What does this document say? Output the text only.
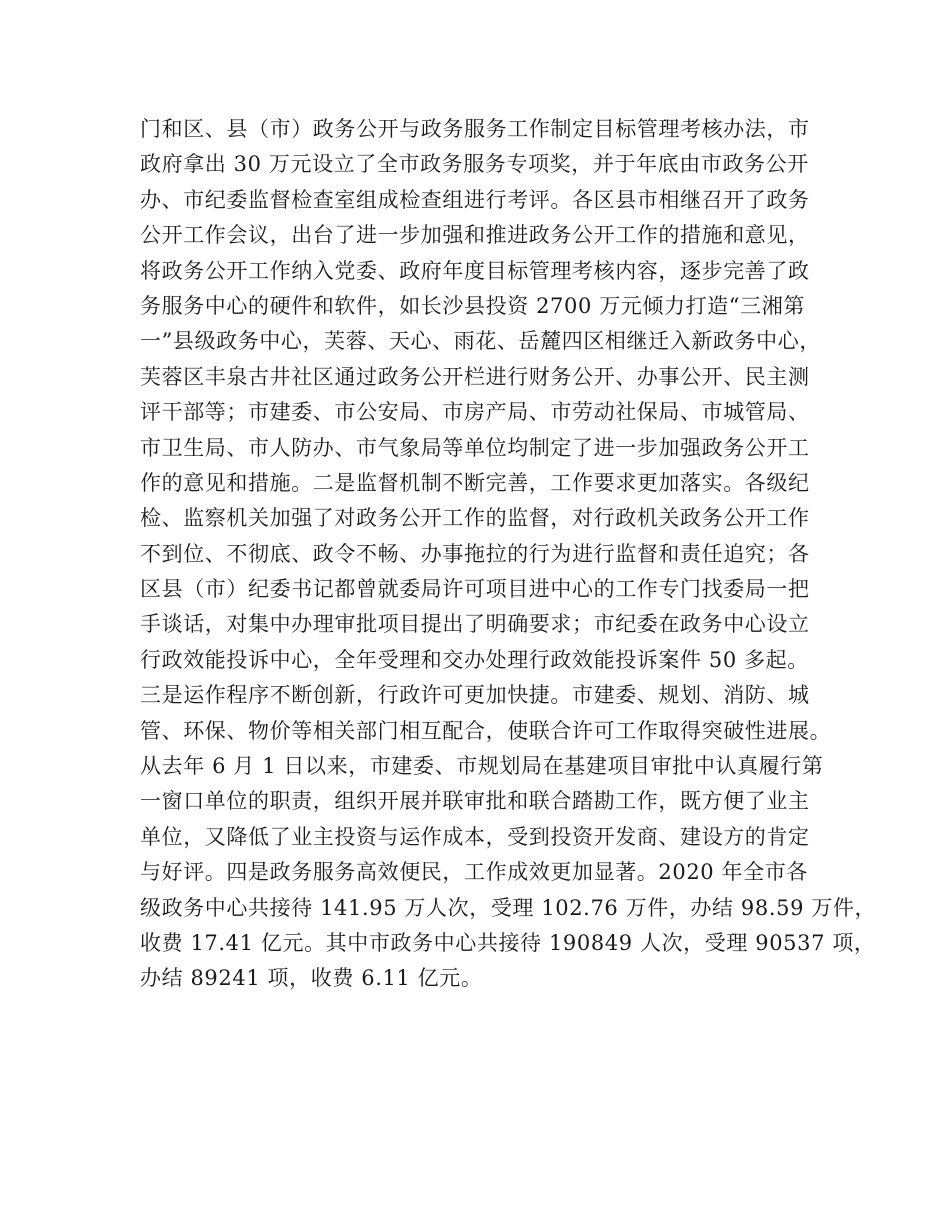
门和区、县（市）政务公开与政务服务工作制定目标管理考核办法，市
政府拿出 30 万元设立了全市政务服务专项奖，并于年底由市政务公开
办、市纪委监督检查室组成检查组进行考评。各区县市相继召开了政务
公开工作会议，出台了进一步加强和推进政务公开工作的措施和意见，
将政务公开工作纳入党委、政府年度目标管理考核内容，逐步完善了政
务服务中心的硬件和软件，如长沙县投资 2700 万元倾力打造“三湘第
一”县级政务中心，芙蓉、天心、雨花、岳麓四区相继迁入新政务中心，
芙蓉区丰泉古井社区通过政务公开栏进行财务公开、办事公开、民主测
评干部等；市建委、市公安局、市房产局、市劳动社保局、市城管局、
市卫生局、市人防办、市气象局等单位均制定了进一步加强政务公开工
作的意见和措施。二是监督机制不断完善，工作要求更加落实。各级纪
检、监察机关加强了对政务公开工作的监督，对行政机关政务公开工作
不到位、不彻底、政令不畅、办事拖拉的行为进行监督和责任追究；各
区县（市）纪委书记都曾就委局许可项目进中心的工作专门找委局一把
手谈话，对集中办理审批项目提出了明确要求；市纪委在政务中心设立
行政效能投诉中心，全年受理和交办处理行政效能投诉案件 50 多起。
三是运作程序不断创新，行政许可更加快捷。市建委、规划、消防、城
管、环保、物价等相关部门相互配合，使联合许可工作取得突破性进展。
从去年 6 月 1 日以来，市建委、市规划局在基建项目审批中认真履行第
一窗口单位的职责，组织开展并联审批和联合踏勘工作，既方便了业主
单位，又降低了业主投资与运作成本，受到投资开发商、建设方的肯定
与好评。四是政务服务高效便民，工作成效更加显著。2020 年全市各
级政务中心共接待 141.95 万人次，受理 102.76 万件，办结 98.59 万件，
收费 17.41 亿元。其中市政务中心共接待 190849 人次，受理 90537 项，
办结 89241 项，收费 6.11 亿元。
